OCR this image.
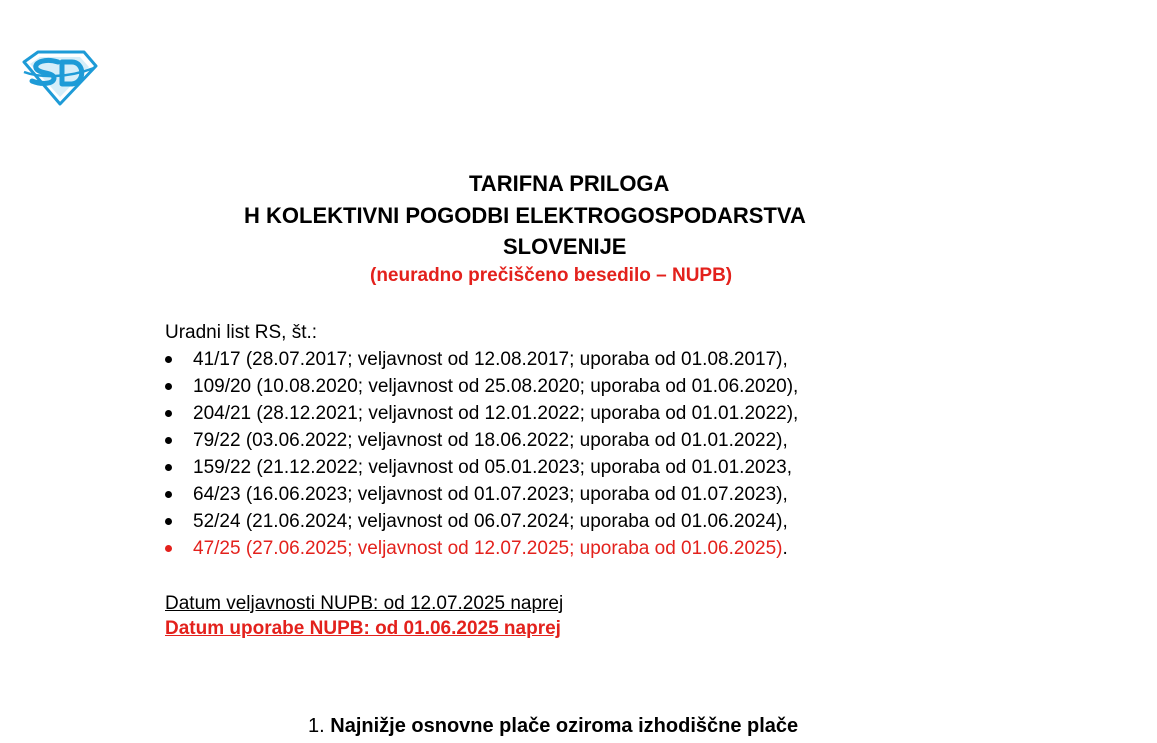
TARIFNA PRILOGA
H KOLEKTIVNI POGODBI ELEKTROGOSPODARSTVA
SLOVENIJE
(neuradno prečiščeno besedilo – NUPB)
Uradni list RS, št.:
41/17 (28.07.2017; veljavnost od 12.08.2017; uporaba od 01.08.2017),
109/20 (10.08.2020; veljavnost od 25.08.2020; uporaba od 01.06.2020),
204/21 (28.12.2021; veljavnost od 12.01.2022; uporaba od 01.01.2022),
79/22 (03.06.2022; veljavnost od 18.06.2022; uporaba od 01.01.2022),
159/22 (21.12.2022; veljavnost od 05.01.2023; uporaba od 01.01.2023,
64/23 (16.06.2023; veljavnost od 01.07.2023; uporaba od 01.07.2023),
52/24 (21.06.2024; veljavnost od 06.07.2024; uporaba od 01.06.2024),
47/25 (27.06.2025; veljavnost od 12.07.2025; uporaba od 01.06.2025).
Datum veljavnosti NUPB: od 12.07.2025 naprej
Datum uporabe NUPB: od 01.06.2025 naprej
1. Najnižje osnovne plače oziroma izhodiščne plače
